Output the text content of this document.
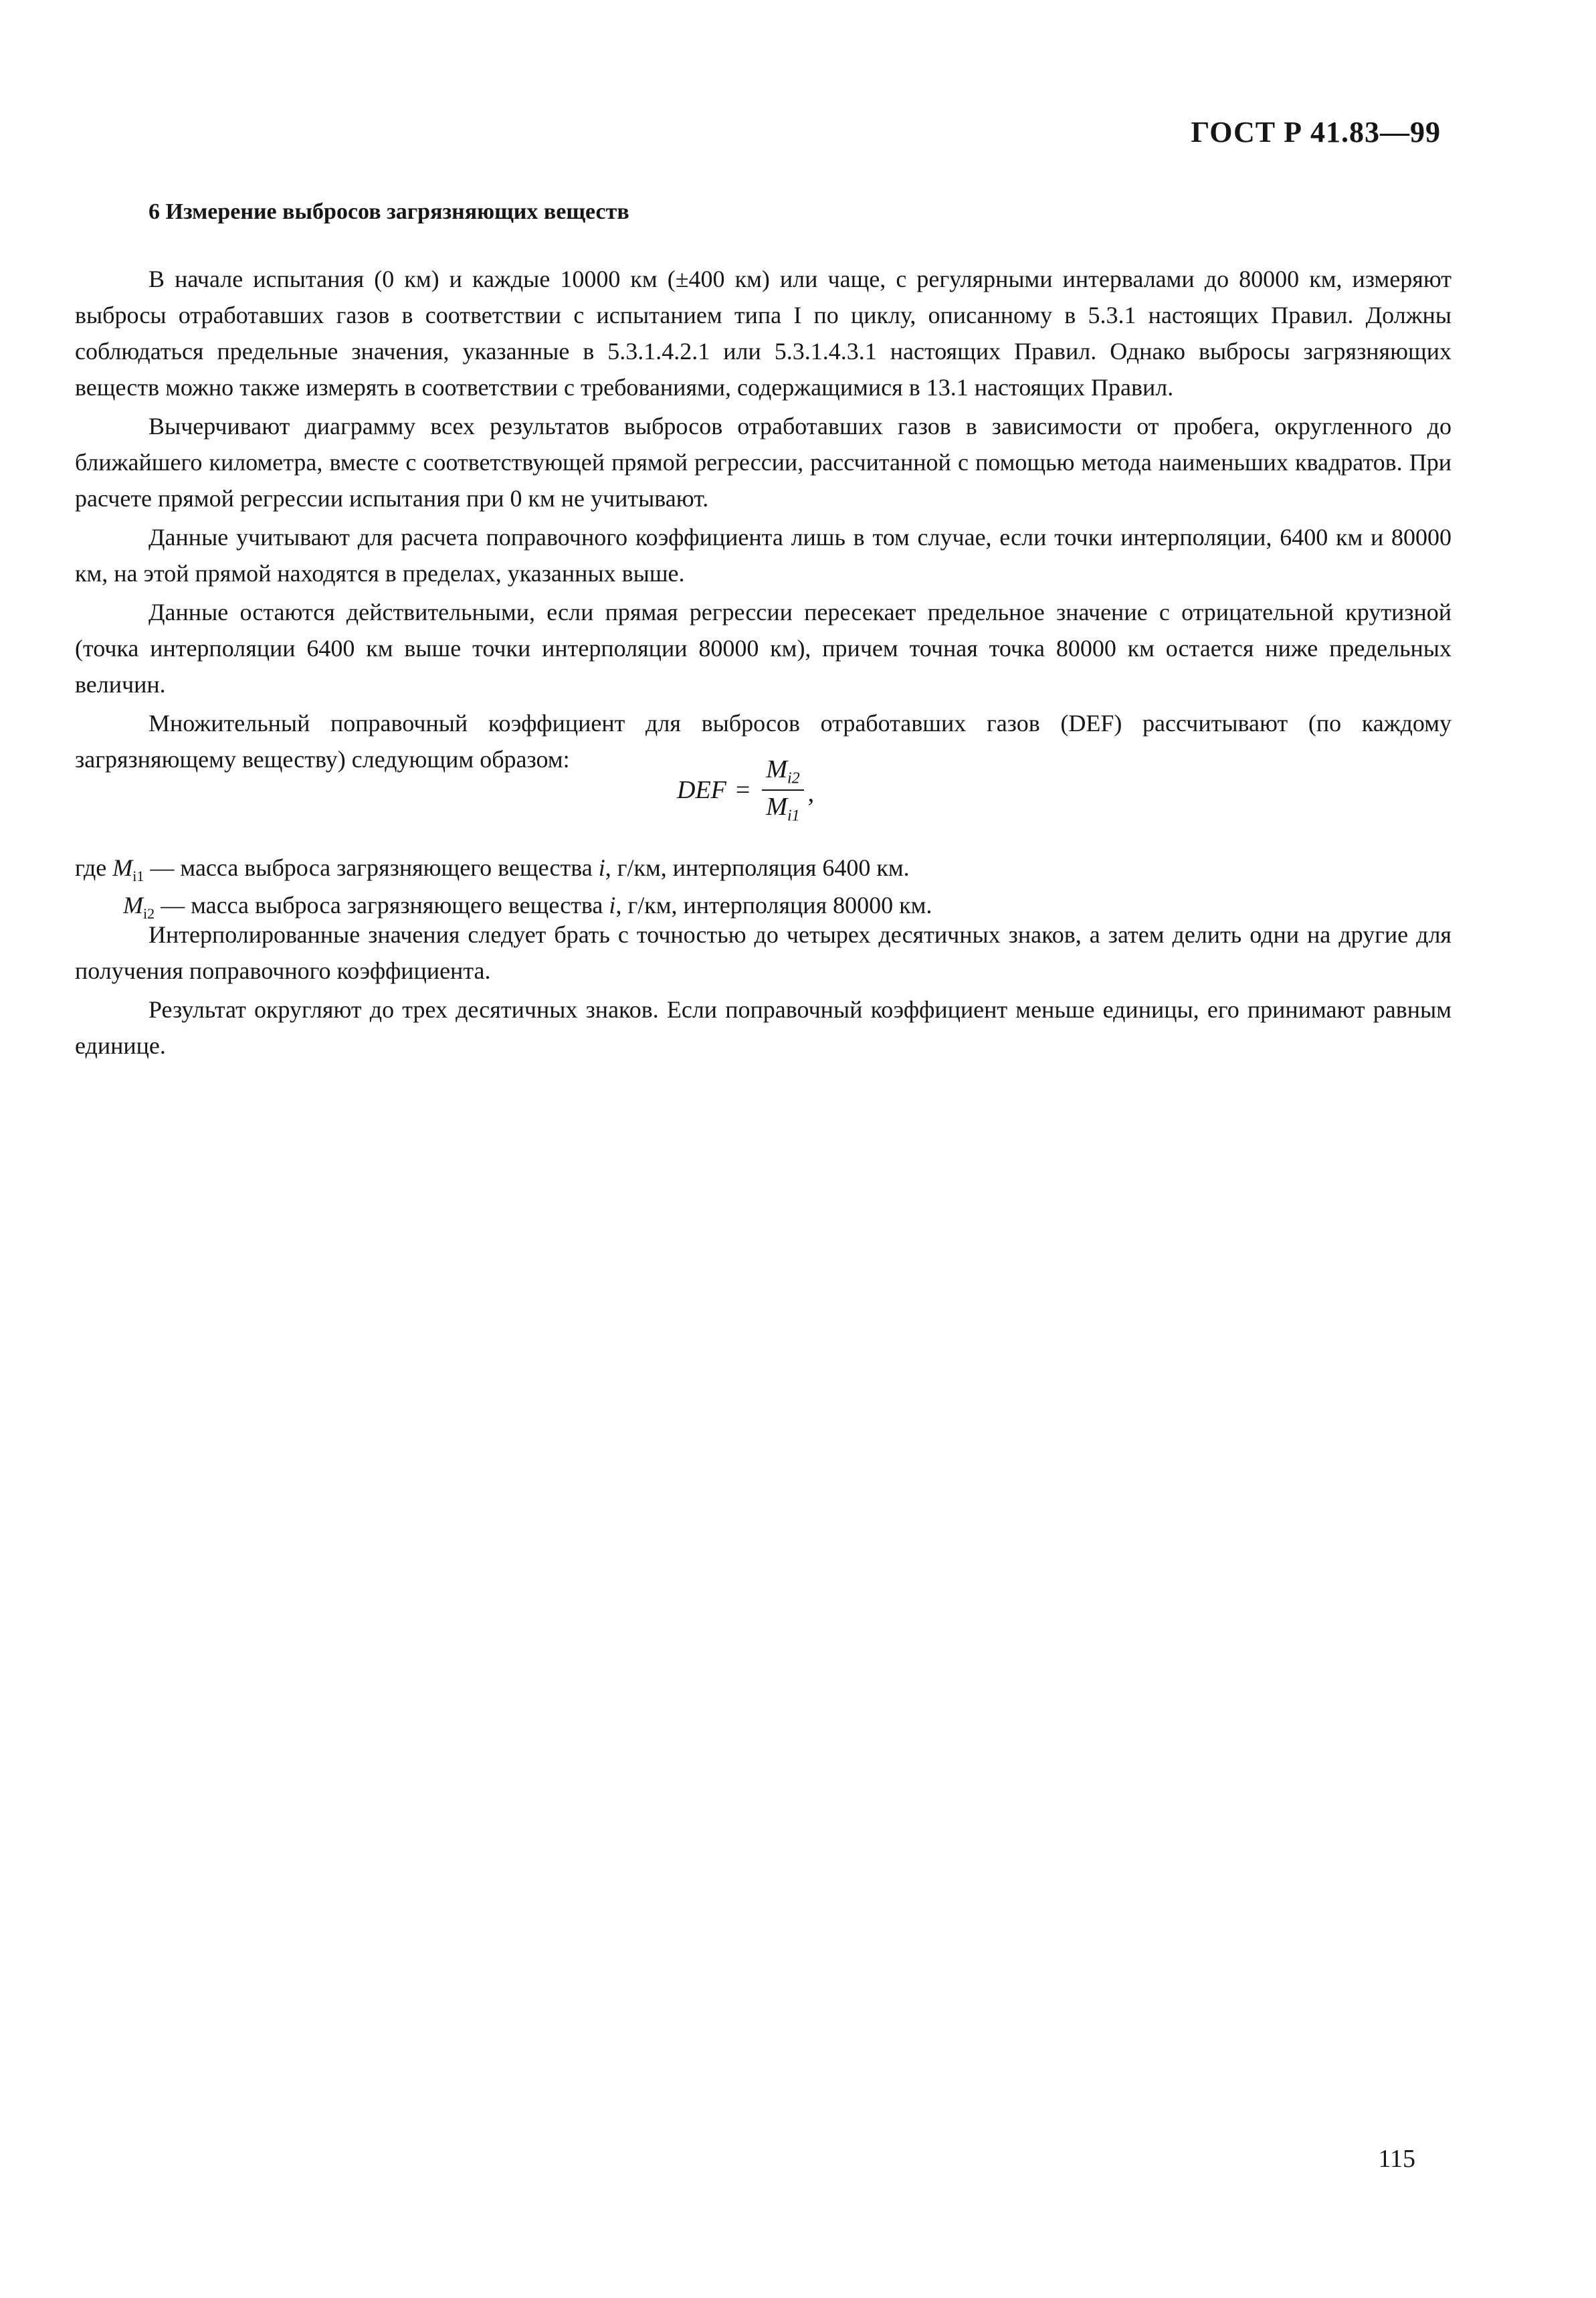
ГОСТ Р 41.83—99
6 Измерение выбросов загрязняющих веществ

В начале испытания (0 км) и каждые 10000 км (±400 км) или чаще, с регулярными интервалами до 80000 км, измеряют выбросы отработавших газов в соответствии с испытанием типа I по циклу, описанному в 5.3.1 настоящих Правил. Должны соблюдаться предельные значения, указанные в 5.3.1.4.2.1 или 5.3.1.4.3.1 настоящих Правил. Однако выбросы загрязняющих веществ можно также измерять в соответствии с требованиями, содержащимися в 13.1 настоящих Правил.

Вычерчивают диаграмму всех результатов выбросов отработавших газов в зависимости от пробега, округленного до ближайшего километра, вместе с соответствующей прямой регрессии, рассчитанной с помощью метода наименьших квадратов. При расчете прямой регрессии испытания при 0 км не учитывают.

Данные учитывают для расчета поправочного коэффициента лишь в том случае, если точки интерполяции, 6400 км и 80000 км, на этой прямой находятся в пределах, указанных выше.

Данные остаются действительными, если прямая регрессии пересекает предельное значение с отрицательной крутизной (точка интерполяции 6400 км выше точки интерполяции 80000 км), причем точная точка 80000 км остается ниже предельных величин.

Множительный поправочный коэффициент для выбросов отработавших газов (DEF) рассчитывают (по каждому загрязняющему веществу) следующим образом:

DEF = $\frac{M_{i2}}{M_{i1}}$ ,
где $M_{i1}$ — масса выброса загрязняющего вещества i, г/км, интерполяция 6400 км.
$M_{i2}$ — масса выброса загрязняющего вещества i, г/км, интерполяция 80000 км.

Интерполированные значения следует брать с точностью до четырех десятичных знаков, а затем делить одни на другие для получения поправочного коэффициента.

Результат округляют до трех десятичных знаков. Если поправочный коэффициент меньше единицы, его принимают равным единице.

115
